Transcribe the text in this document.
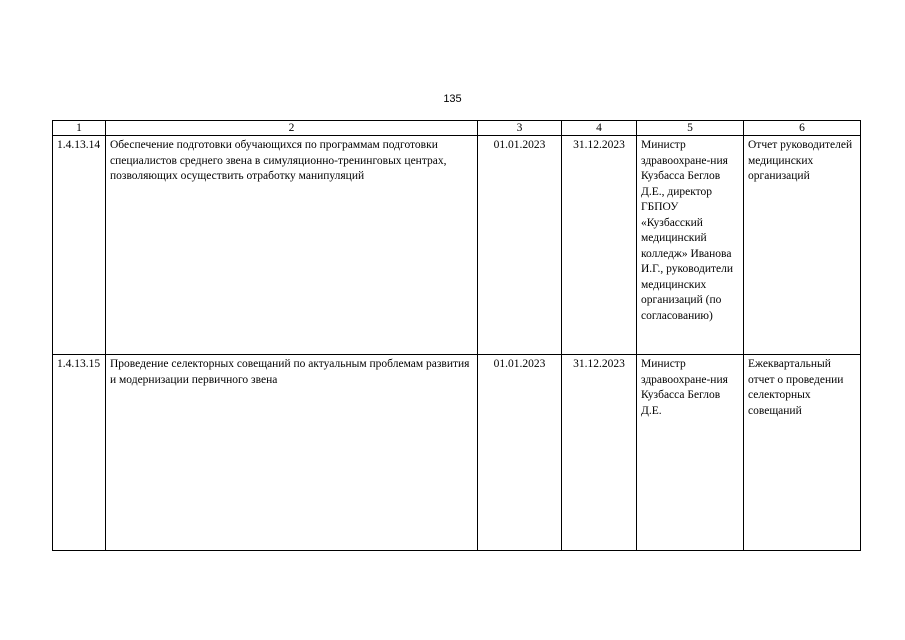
135
1	2	3	4	5	6
1.4.13.14	Обеспечение подготовки обучающихся по программам подготовки специалистов среднего звена в симуляционно-тренинговых центрах, позволяющих осуществить отработку манипуляций	01.01.2023	31.12.2023	Министр здравоохране-ния Кузбасса Беглов Д.Е., директор ГБПОУ «Кузбасский медицинский колледж» Иванова И.Г., руководители медицинских организаций (по согласованию)	Отчет руководителей медицинских организаций
1.4.13.15	Проведение селекторных совещаний по актуальным проблемам развития и модернизации первичного звена	01.01.2023	31.12.2023	Министр здравоохране-ния Кузбасса Беглов Д.Е.	Ежеквартальный отчет о проведении селекторных совещаний
